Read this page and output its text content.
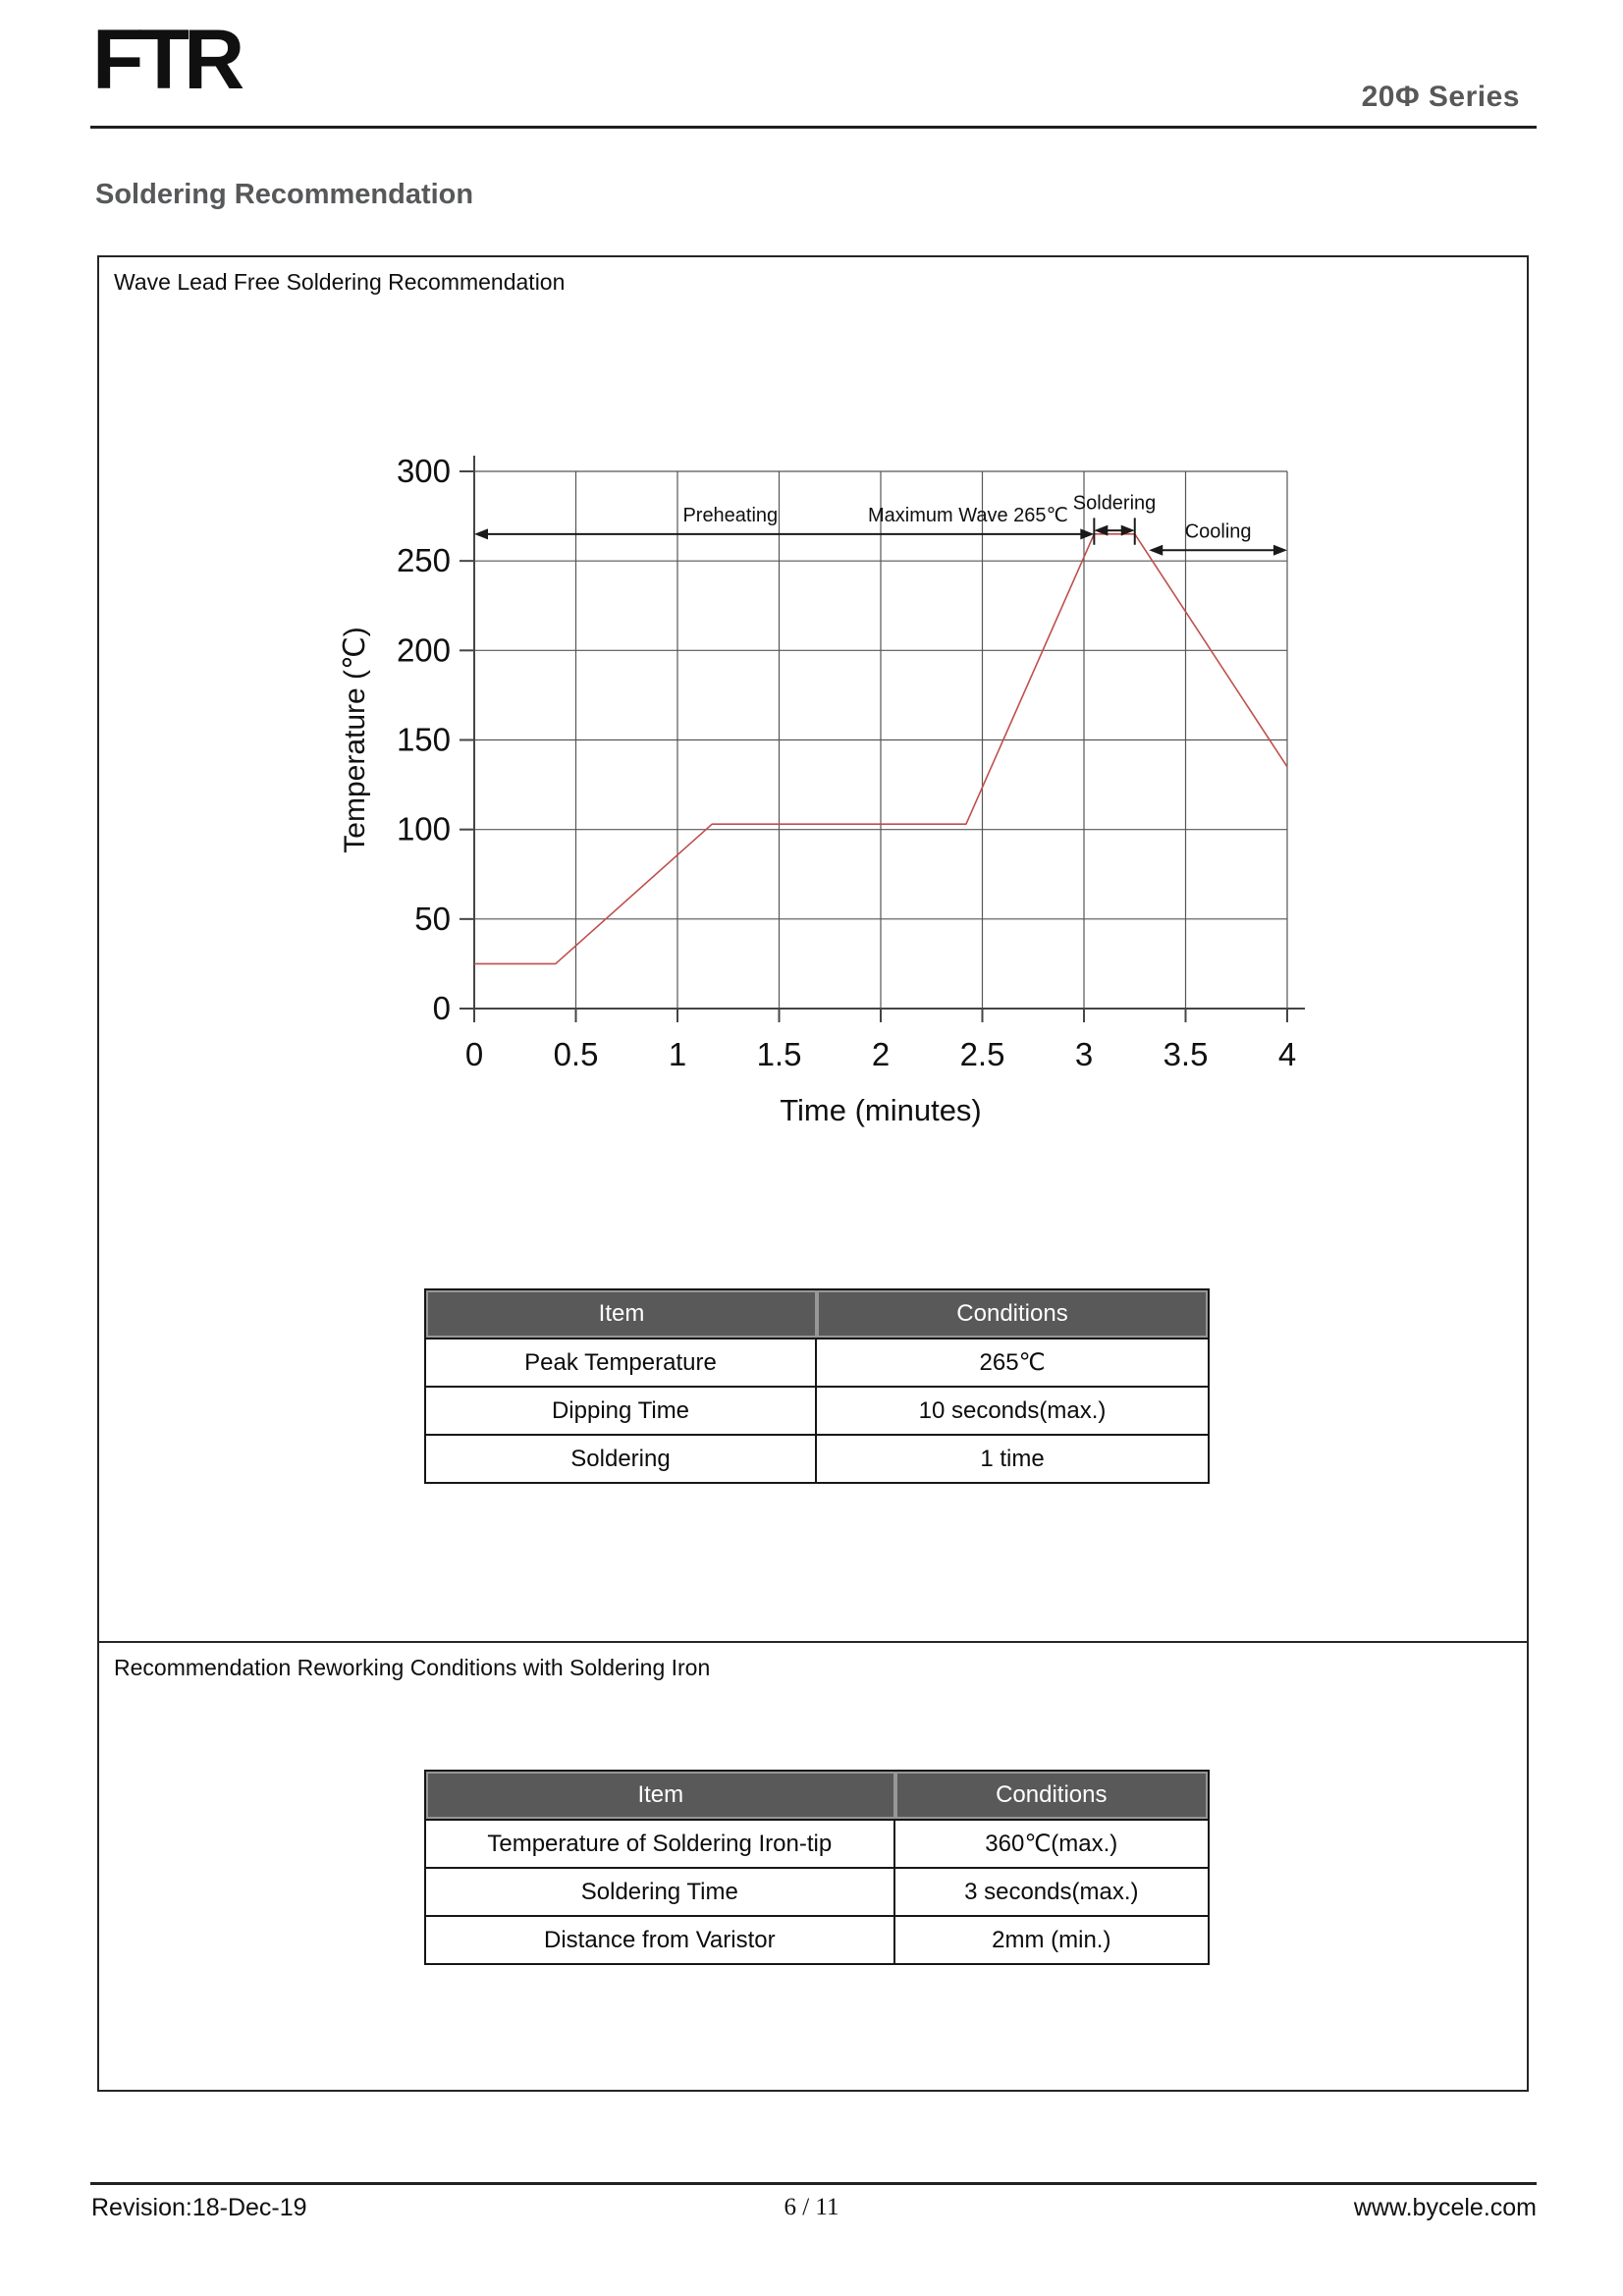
FTR	20Φ Series
Soldering Recommendation
Wave Lead Free Soldering Recommendation
0
50
100
150
200
250
300
0 0.5 1 1.5 2 2.5 3 3.5 4
Time (minutes)
Temperature (℃)
Preheating	Maximum Wave 265℃
Soldering
Cooling
Item	Conditions
Peak Temperature	265℃
Dipping Time	10 seconds(max.)
Soldering	1 time
Recommendation Reworking Conditions with Soldering Iron
Item	Conditions
Temperature of Soldering Iron-tip	360℃(max.)
Soldering Time	3 seconds(max.)
Distance from Varistor	2mm (min.)
Revision:18-Dec-19	6 / 11	www.bycele.com
